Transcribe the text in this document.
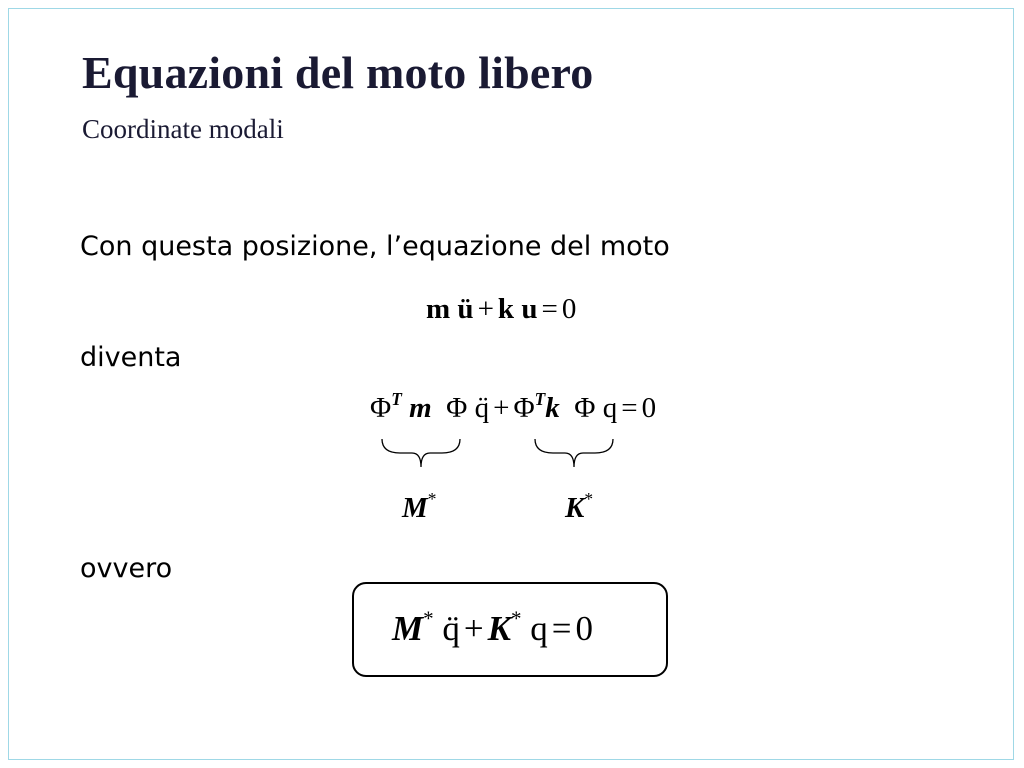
Equazioni del moto libero
Coordinate modali
Con questa posizione, l’equazione del moto
m ü + k u = 0
diventa
$\Phi^T$ m Φ q̈ + $\Phi^Tk$ Φ q = 0
M*	K*
ovvero
M* q̈ + K* q = 0
